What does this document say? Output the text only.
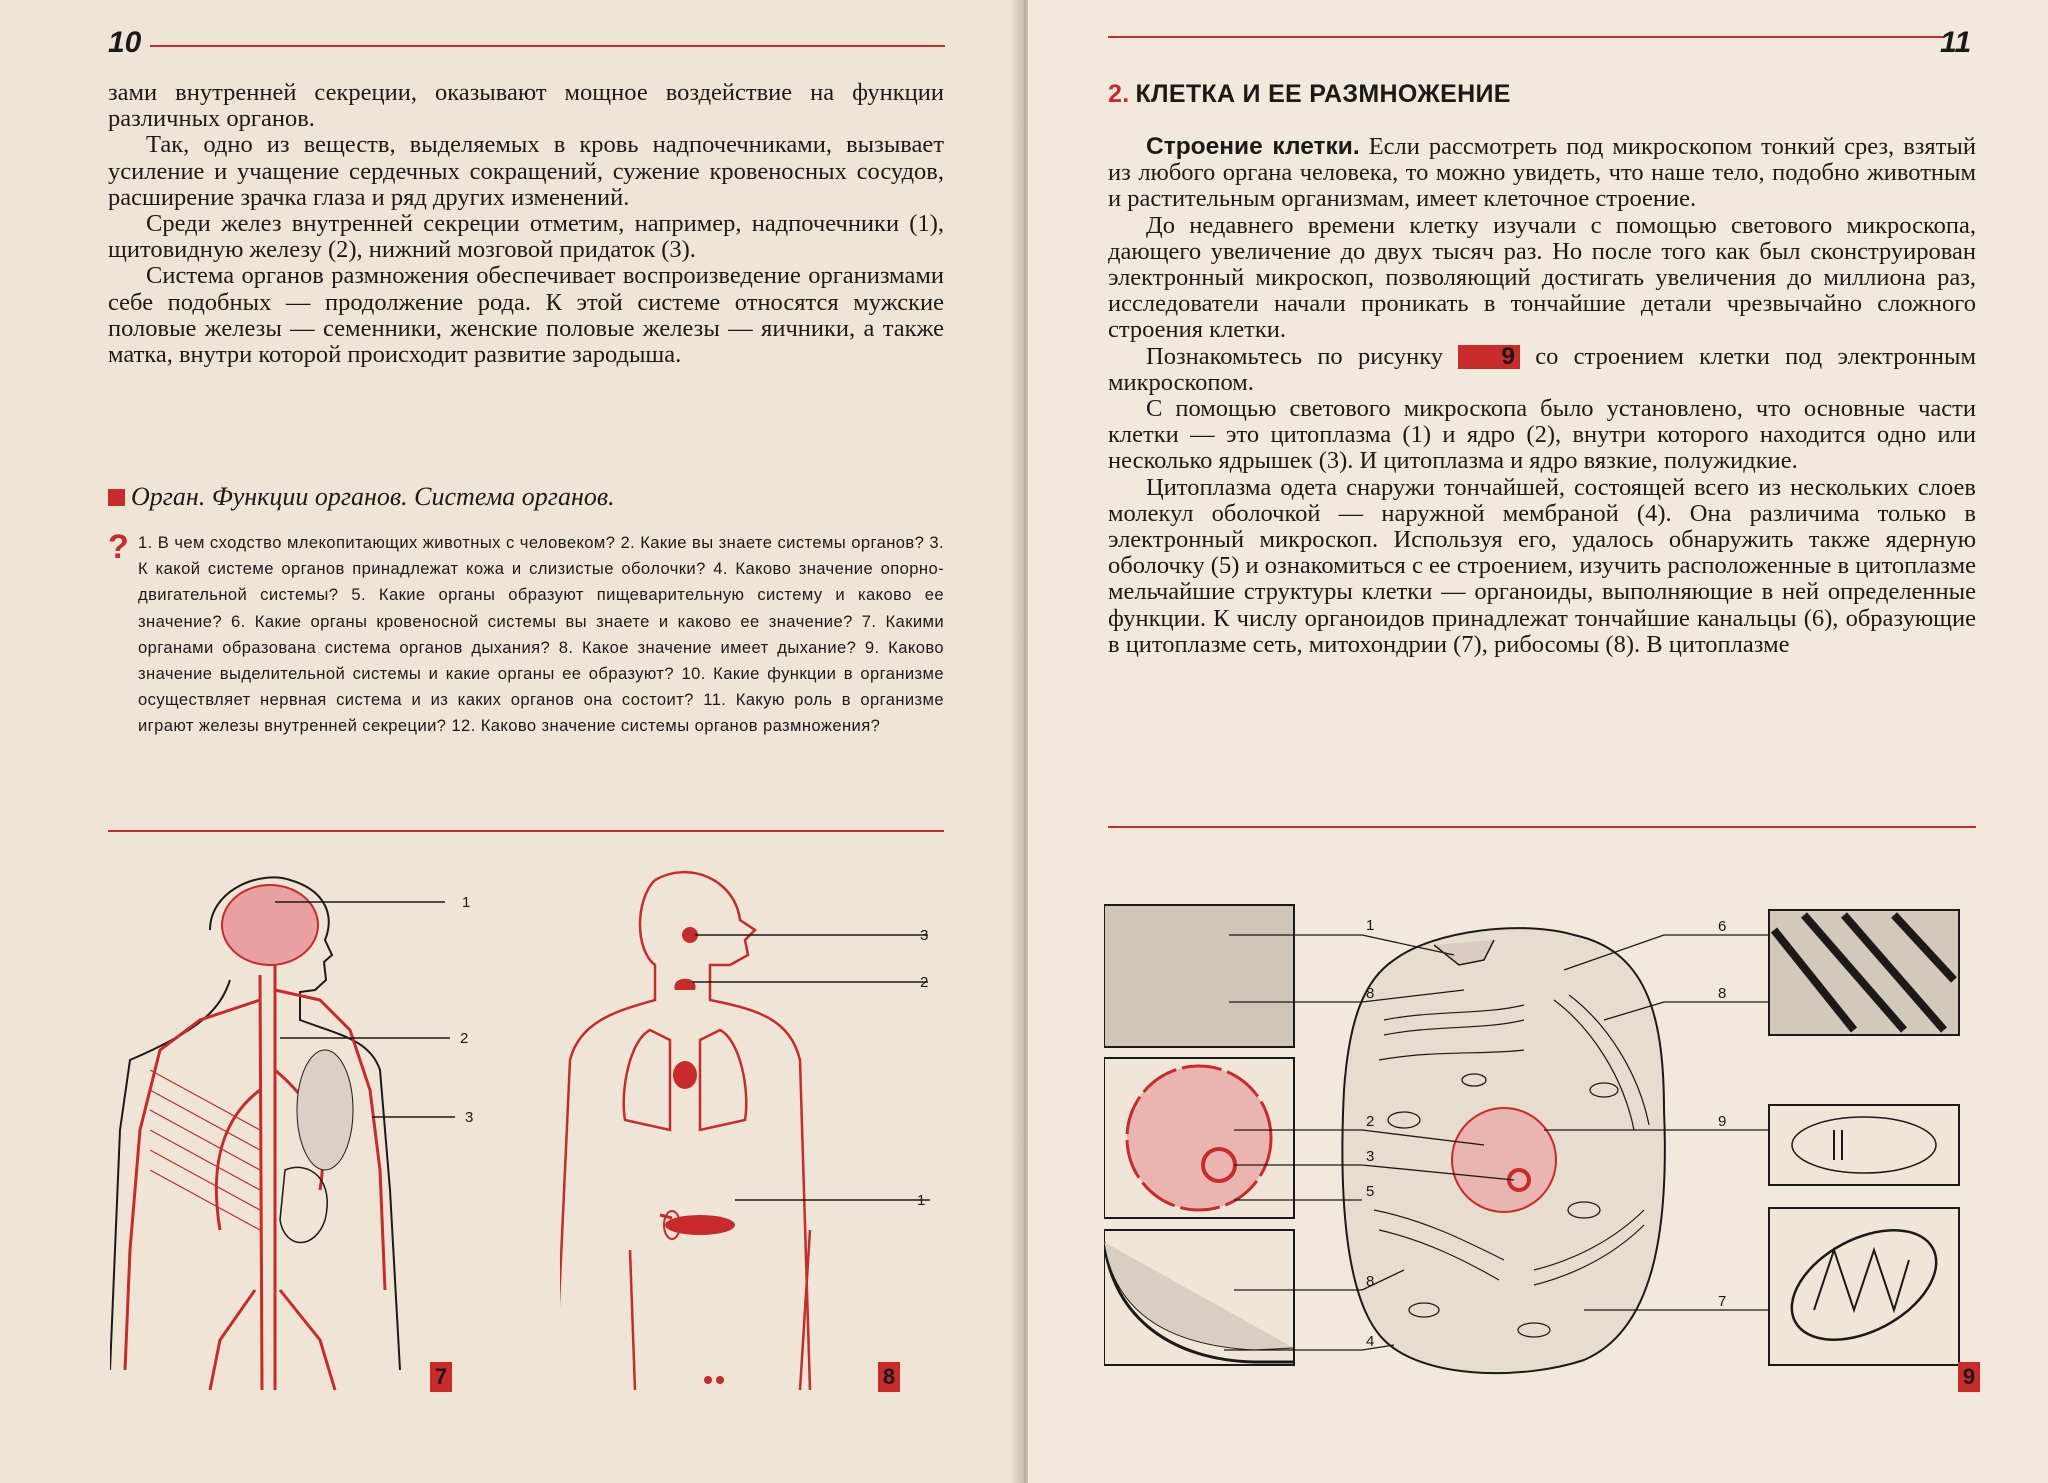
10

зами внутренней секреции, оказывают мощное воздействие на функции различных органов.

Так, одно из веществ, выделяемых в кровь надпочечниками, вызывает усиление и учащение сердечных сокращений, сужение кровеносных сосудов, расширение зрачка глаза и ряд других изменений.

Среди желез внутренней секреции отметим, например, надпочечники (1), щитовидную железу (2), нижний мозговой придаток (3).

Система органов размножения обеспечивает воспроизведение организмами себе подобных — продолжение рода. К этой системе относятся мужские половые железы — семенники, женские половые железы — яичники, а также матка, внутри которой происходит развитие зародыша.

Орган. Функции органов. Система органов.
? 1. В чем сходство млекопитающих животных с человеком? 2. Какие вы знаете системы органов? 3. К какой системе органов принадлежат кожа и слизистые оболочки? 4. Каково значение опорно-двигательной системы? 5. Какие органы образуют пищеварительную систему и каково ее значение? 6. Какие органы кровеносной системы вы знаете и каково ее значение? 7. Какими органами образована система органов дыхания? 8. Какое значение имеет дыхание? 9. Каково значение выделительной системы и какие органы ее образуют? 10. Какие функции в организме осуществляет нервная система и из каких органов она состоит? 11. Какую роль в организме играют железы внутренней секреции? 12. Каково значение системы органов размножения?
1
2
3
7
3
2
1
8
11
2. КЛЕТКА И ЕЕ РАЗМНОЖЕНИЕ

Строение клетки. Если рассмотреть под микроскопом тонкий срез, взятый из любого органа человека, то можно увидеть, что наше тело, подобно животным и растительным организмам, имеет клеточное строение.

До недавнего времени клетку изучали с помощью светового микроскопа, дающего увеличение до двух тысяч раз. Но после того как был сконструирован электронный микроскоп, позволяющий достигать увеличения до миллиона раз, исследователи начали проникать в тончайшие детали чрезвычайно сложного строения клетки.

Познакомьтесь по рисунку 9 со строением клетки под электронным микроскопом.

С помощью светового микроскопа было установлено, что основные части клетки — это цитоплазма (1) и ядро (2), внутри которого находится одно или несколько ядрышек (3). И цитоплазма и ядро вязкие, полужидкие.

Цитоплазма одета снаружи тончайшей, состоящей всего из нескольких слоев молекул оболочкой — наружной мембраной (4). Она различима только в электронный микроскоп. Используя его, удалось обнаружить также ядерную оболочку (5) и ознакомиться с ее строением, изучить расположенные в цитоплазме мельчайшие структуры клетки — органоиды, выполняющие в ней определенные функции. К числу органоидов принадлежат тончайшие канальцы (6), образующие в цитоплазме сеть, митохондрии (7), рибосомы (8). В цитоплазме

1
8
2
3
5
8
4
6
8
9
7
9
